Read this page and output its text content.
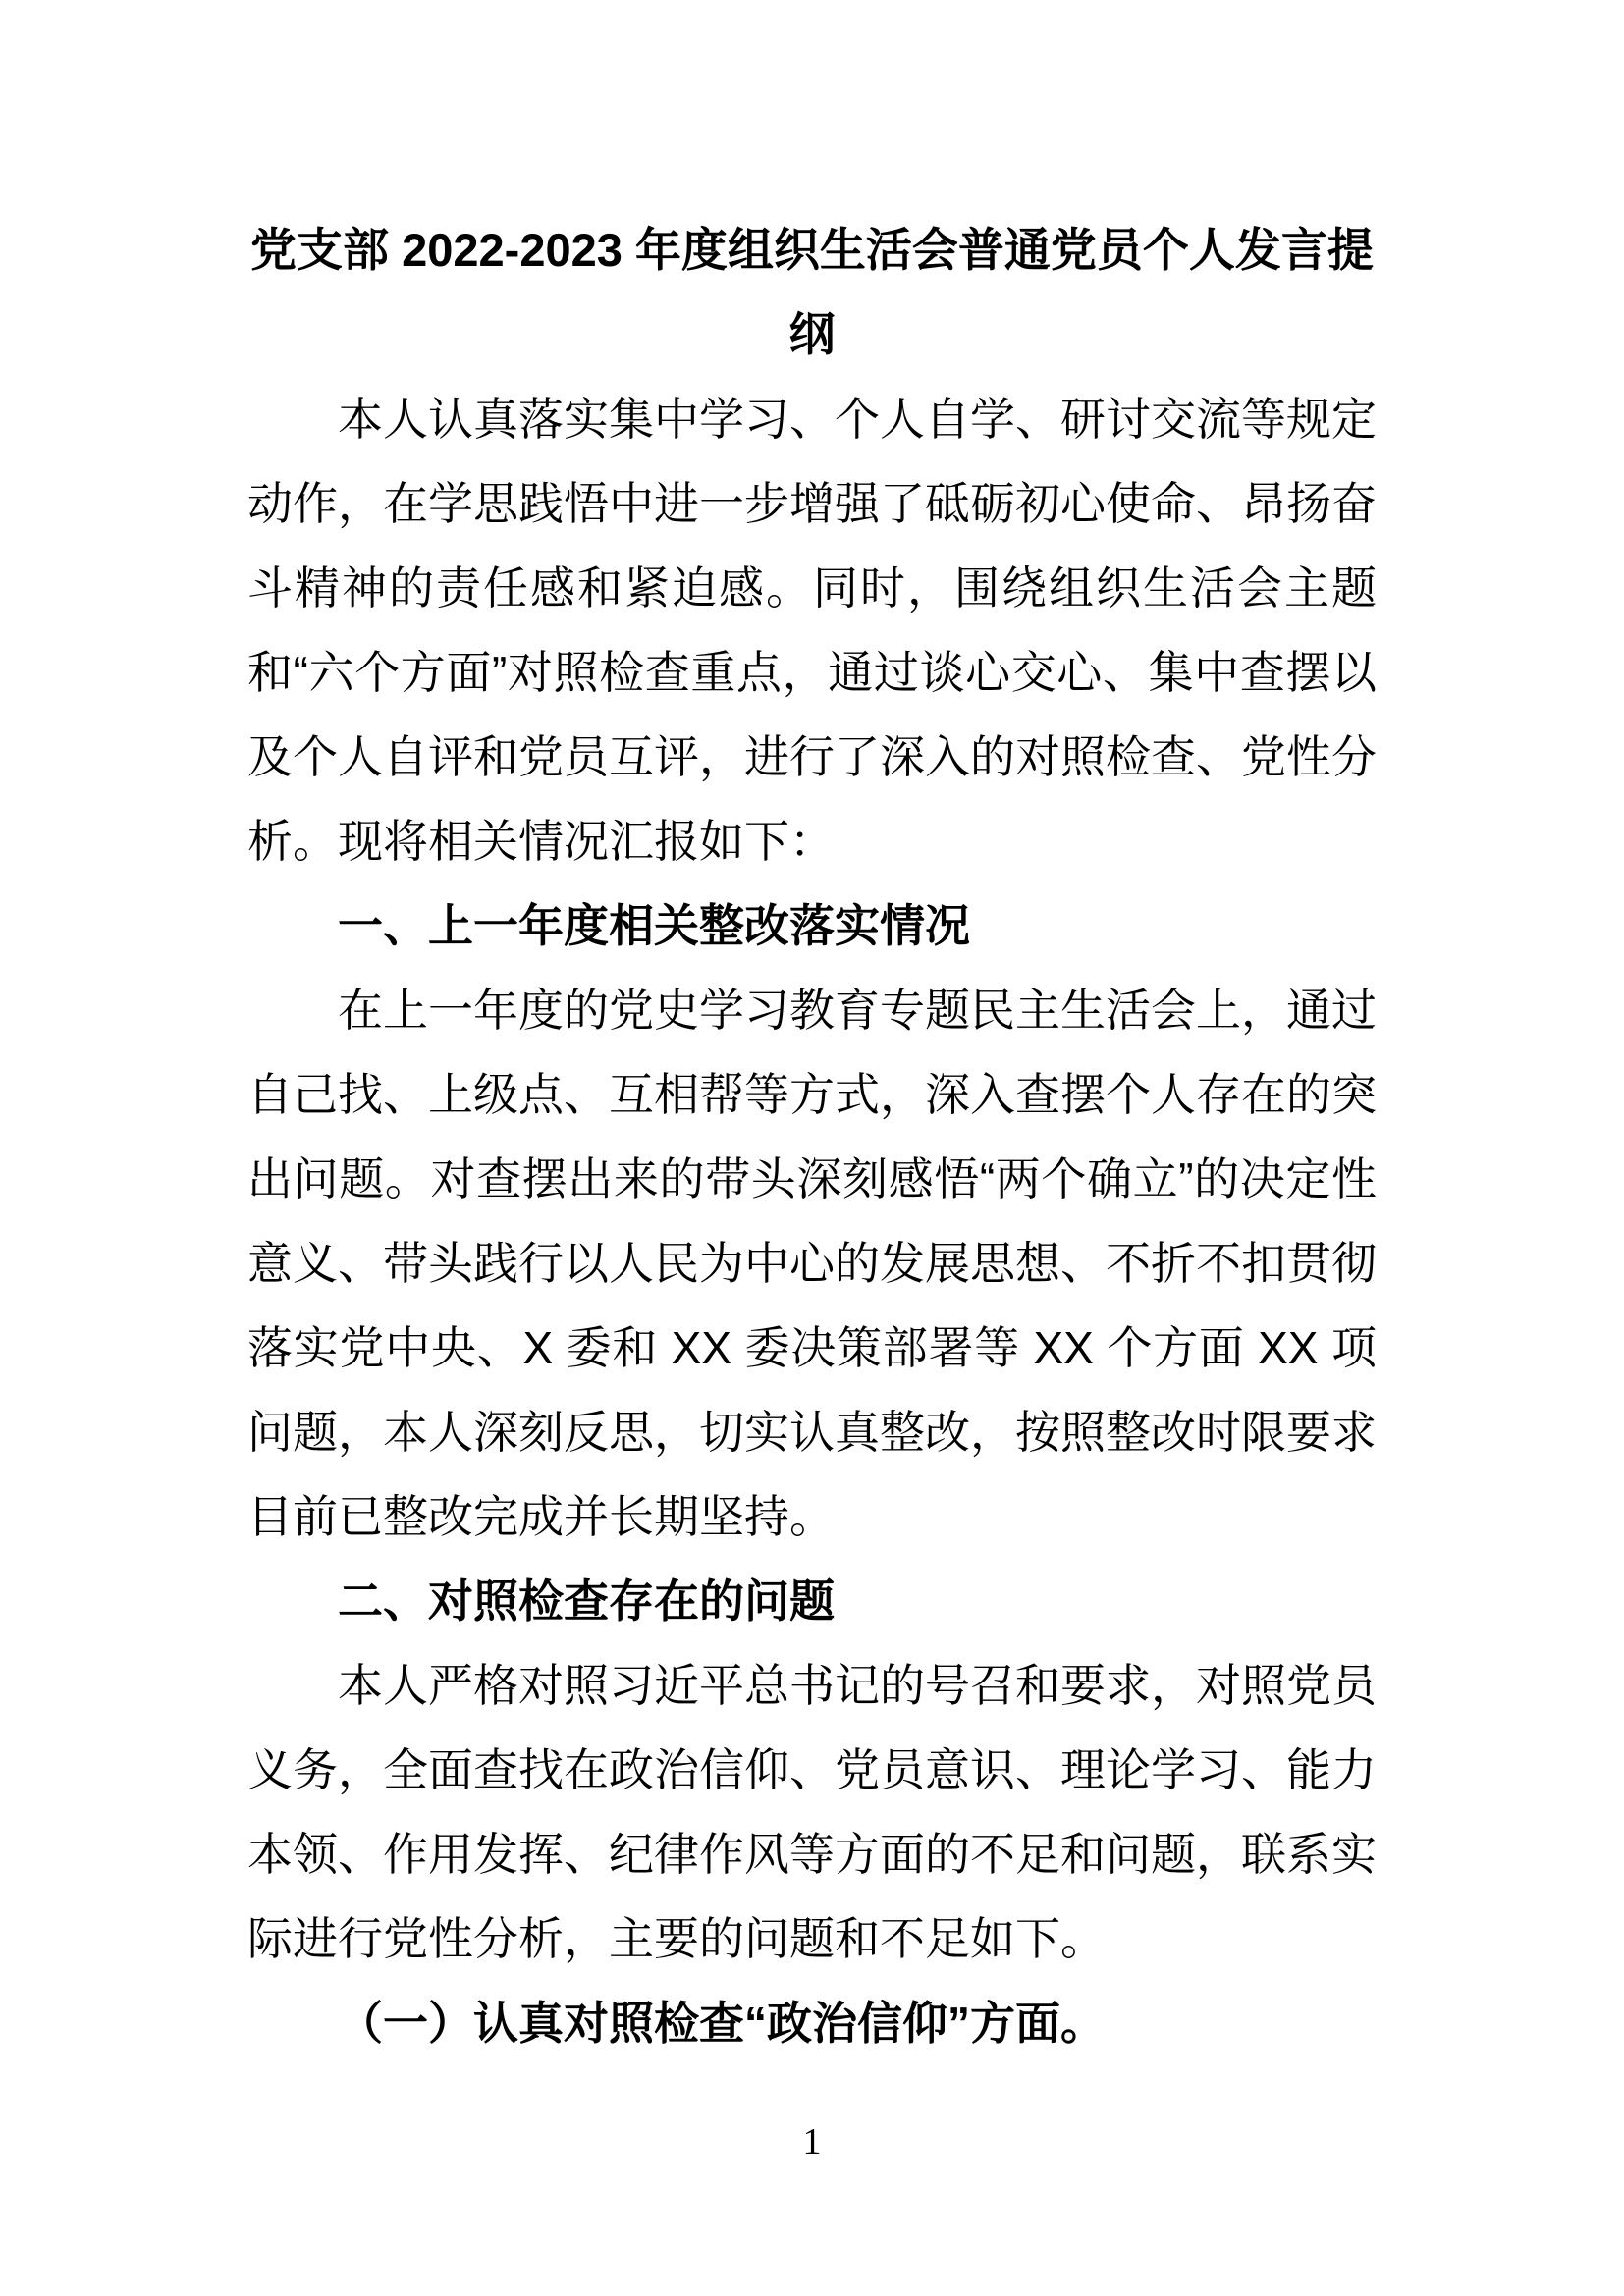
党支部 2022-2023 年度组织生活会普通党员个人发言提纲

本人认真落实集中学习、个人自学、研讨交流等规定动作，在学思践悟中进一步增强了砥砺初心使命、昂扬奋斗精神的责任感和紧迫感。同时，围绕组织生活会主题和“六个方面”对照检查重点，通过谈心交心、集中查摆以及个人自评和党员互评，进行了深入的对照检查、党性分析。现将相关情况汇报如下：

一、上一年度相关整改落实情况

在上一年度的党史学习教育专题民主生活会上，通过自己找、上级点、互相帮等方式，深入查摆个人存在的突出问题。对查摆出来的带头深刻感悟“两个确立”的决定性意义、带头践行以人民为中心的发展思想、不折不扣贯彻落实党中央、X 委和 XX 委决策部署等 XX 个方面 XX 项问题，本人深刻反思，切实认真整改，按照整改时限要求目前已整改完成并长期坚持。

二、对照检查存在的问题

本人严格对照习近平总书记的号召和要求，对照党员义务，全面查找在政治信仰、党员意识、理论学习、能力本领、作用发挥、纪律作风等方面的不足和问题，联系实际进行党性分析，主要的问题和不足如下。

（一）认真对照检查“政治信仰”方面。

1
